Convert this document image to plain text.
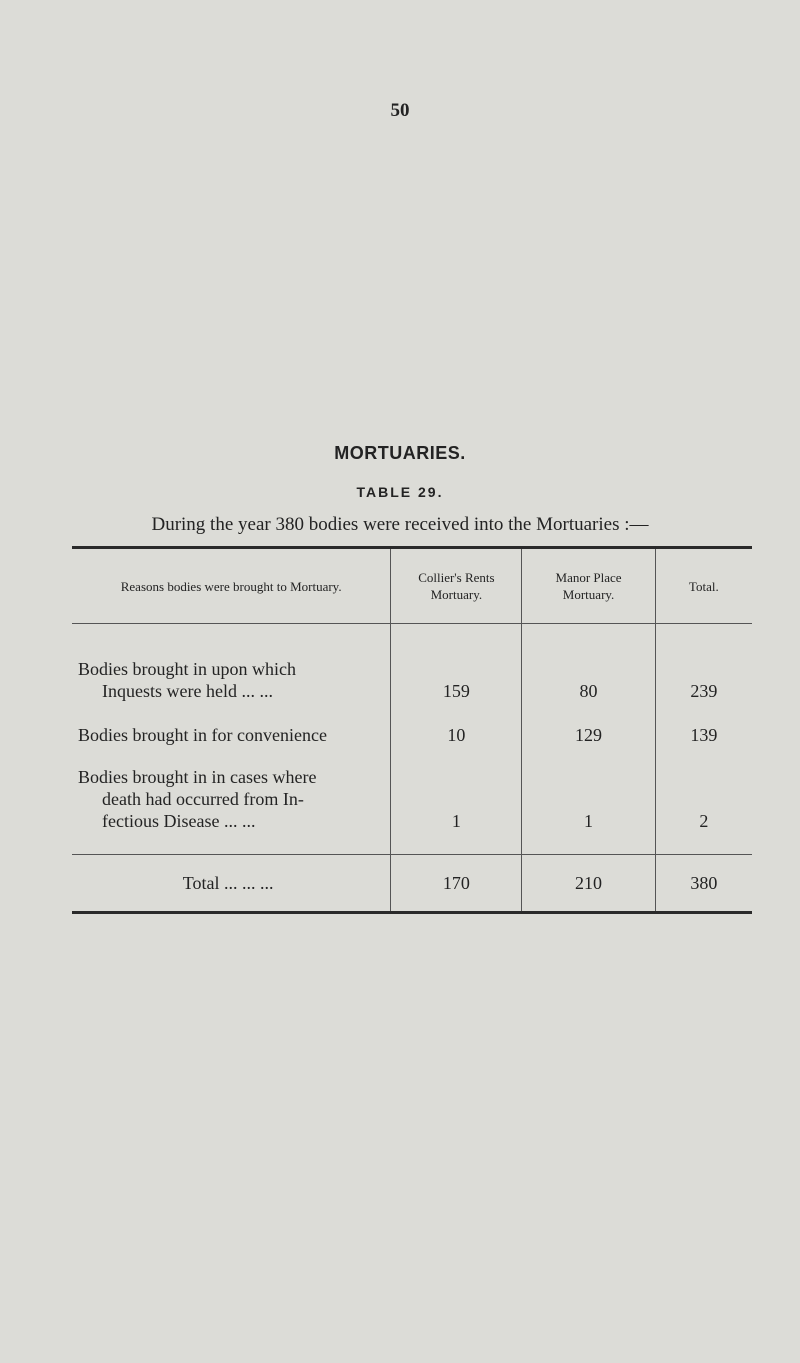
50
MORTUARIES.
TABLE 29.
During the year 380 bodies were received into the Mortuaries :—
Reasons bodies were brought to Mortuary.	Collier's Rents Mortuary.	Manor Place Mortuary.	Total.
Bodies brought in upon which
Inquests were held ... ...	159	80	239
Bodies brought in for convenience	10	129	139
Bodies brought in in cases where
death had occurred from In-
fectious Disease ... ...	1	1	2
Total ... ... ...	170	210	380
